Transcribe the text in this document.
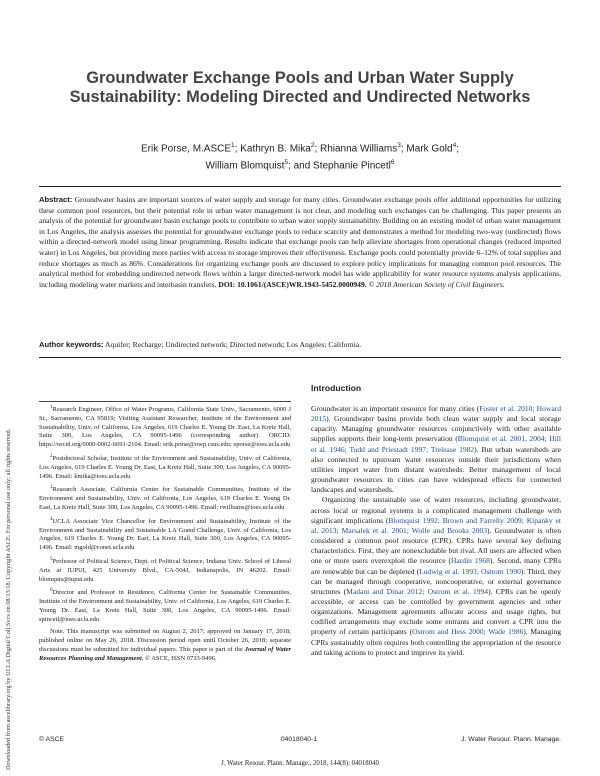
Downloaded from ascelibrary.org by UCLA Digital Coll Svcs on 08/13/18. Copyright ASCE. For personal use only; all rights reserved.
Groundwater Exchange Pools and Urban Water Supply Sustainability: Modeling Directed and Undirected Networks
Erik Porse, M.ASCE$^1$; Kathryn B. Mika$^2$; Rhianna Williams$^3$; Mark Gold$^4$;
William Blomquist$^5$; and Stephanie Pincetl$^6$
Abstract: Groundwater basins are important sources of water supply and storage for many cities. Groundwater exchange pools offer additional opportunities for utilizing these common pool resources, but their potential role in urban water management is not clear, and modeling such exchanges can be challenging. This paper presents an analysis of the potential for groundwater basin exchange pools to contribute to urban water supply sustainability. Building on an existing model of urban water management in Los Angeles, the analysis assesses the potential for groundwater exchange pools to reduce scarcity and demonstrates a method for modeling two-way (undirected) flows within a directed-network model using linear programming. Results indicate that exchange pools can help alleviate shortages from operational changes (reduced imported water) in Los Angeles, but providing more parties with access to storage improves their effectiveness. Exchange pools could potentially provide 6–12% of total supplies and reduce shortages as much as 86%. Considerations for organizing exchange pools are discussed to explore policy implications for managing common pool resources. The analytical method for embedding undirected network flows within a larger directed-network model has wide applicability for water resource systems analysis applications, including modeling water markets and interbasin transfers. DOI: 10.1061/(ASCE)WR.1943-5452.0000949. © 2018 American Society of Civil Engineers.
Author keywords: Aquifer; Recharge; Undirected network; Directed network; Los Angeles; California.

$^1$Research Engineer, Office of Water Programs, California State Univ., Sacramento, 6000 J St., Sacramento, CA 95819; Visiting Assistant Researcher, Institute of the Environment and Sustainability, Univ. of California, Los Angeles, 619 Charles E. Young Dr. East, La Kretz Hall, Suite 300, Los Angeles, CA 90095-1496 (corresponding author). ORCID: https://orcid.org/0000-0002-6691-2104. Email: erik.porse@owp.csus.edu; eporse@ioes.ucla.edu

$^2$Postdoctoral Scholar, Institute of the Environment and Sustainability, Univ. of California, Los Angeles, 619 Charles E. Young Dr. East, La Kretz Hall, Suite 300, Los Angeles, CA 90095-1496. Email: kmika@ioes.ucla.edu

$^3$Research Associate, California Center for Sustainable Communities, Institute of the Environment and Sustainability, Univ. of California, Los Angeles, 619 Charles E. Young Dr. East, La Kretz Hall, Suite 300, Los Angeles, CA 90095-1496. Email: rwilliams@ioes.ucla.edu

$^4$UCLA Associate Vice Chancellor for Environment and Sustainability, Institute of the Environment and Sustainability and Sustainable LA Grand Challenge, Univ. of California, Los Angeles, 619 Charles E. Young Dr. East, La Kretz Hall, Suite 300, Los Angeles, CA 90095-1496. Email: mgold@conet.ucla.edu

$^5$Professor of Political Science, Dept. of Political Science, Indiana Univ. School of Liberal Arts at IUPUI, 425 University Blvd., CA-504J, Indianapolis, IN 46202. Email: blomquis@iupui.edu

$^6$Director and Professor in Residence, California Center for Sustainable Communities, Institute of the Environment and Sustainability, Univ. of California, Los Angeles, 619 Charles E. Young Dr. East, La Kretz Hall, Suite 300, Los Angeles, CA 90095-1496. Email: spincetl@ioes.ucla.edu

Note. This manuscript was submitted on August 2, 2017; approved on January 17, 2018; published online on May 26, 2018. Discussion period open until October 26, 2018; separate discussions must be submitted for individual papers. This paper is part of the Journal of Water Resources Planning and Management, © ASCE, ISSN 0733-9496.

Introduction

Groundwater is an important resource for many cities (Foster et al. 2010; Howard 2015). Groundwater basins provide both clean water supply and local storage capacity. Managing groundwater resources conjunctively with other available supplies supports their long-term preservation (Blomquist et al. 2001, 2004; Hill et al. 1946; Todd and Priestadt 1997; Trelease 1982). But urban watersheds are also connected to upstream water resources outside their jurisdictions when utilities import water from distant watersheds. Better management of local groundwater resources in cities can have widespread effects for connected landscapes and watersheds.

Organizing the sustainable use of water resources, including groundwater, across local or regional systems is a complicated management challenge with significant implications (Blomquist 1992; Brown and Farrelly 2009; Kipanky et al. 2013; Marsalek et al. 2001; Wolfe and Brooks 2003). Groundwater is often considered a common pool resource (CPR). CPRs have several key defining characteristics. First, they are nonexcludable but rival. All users are affected when one or more users overexploit the resource (Hardin 1968). Second, many CPRs are renewable but can be depleted (Ludwig et al. 1993; Ostrom 1990). Third, they can be managed through cooperative, noncooperative, or external governance structures (Madani and Dinar 2012; Ostrom et al. 1994). CPRs can be openly accessible, or access can be controlled by government agencies and other organizations. Management agreements allocate access and usage rights, but codified arrangements may exclude some entrants and convert a CPR into the property of certain participants (Ostrom and Hess 2000; Wade 1986). Managing CPRs sustainably often requires both controlling the appropriation of the resource and taking actions to protect and improve its yield.

© ASCE	04018040-1	J. Water Resour. Plann. Manage.
J. Water Resour. Plann. Manage., 2018, 144(8): 04018040
